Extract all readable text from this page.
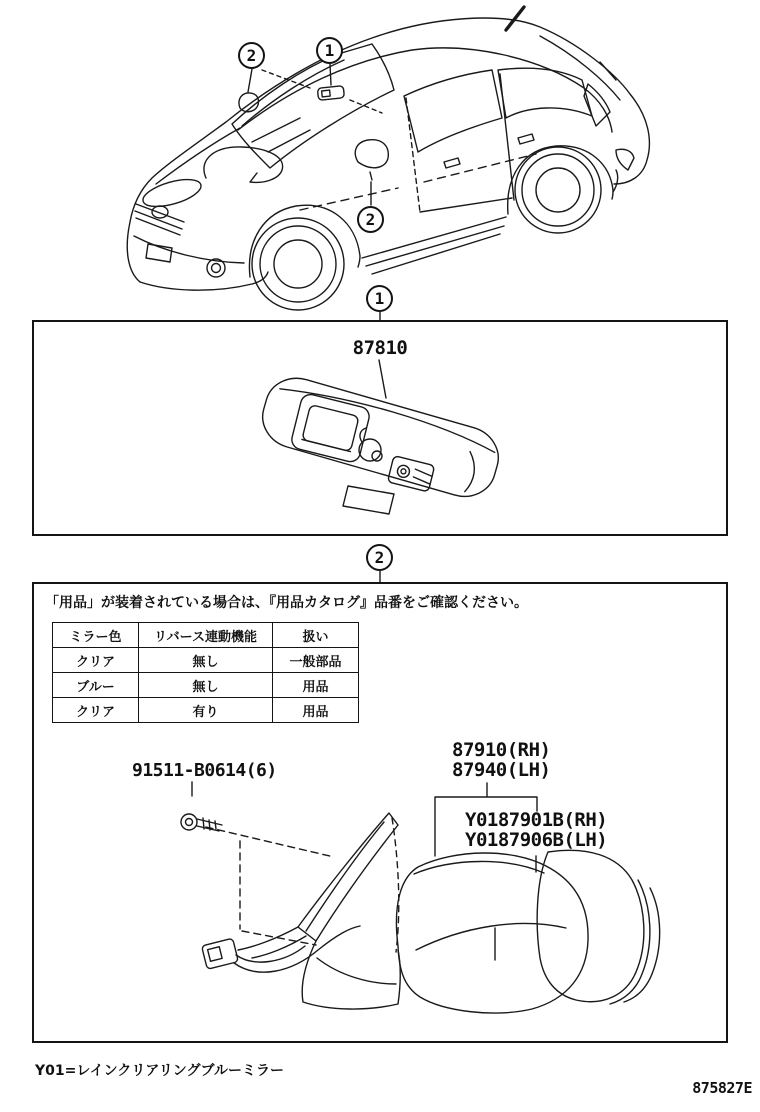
2	1
2
1
2
87810
91511-B0614(6)
87910(RH)
87940(LH)
Y0187901B(RH)
Y0187906B(LH)
「用品」が装着されている場合は、『用品カタログ』品番をご確認ください。
ミラー色	リバース連動機能	扱い
クリア	無し	一般部品
ブルー	無し	用品
クリア	有り	用品
Y01=レインクリアリングブルーミラー
875827E
